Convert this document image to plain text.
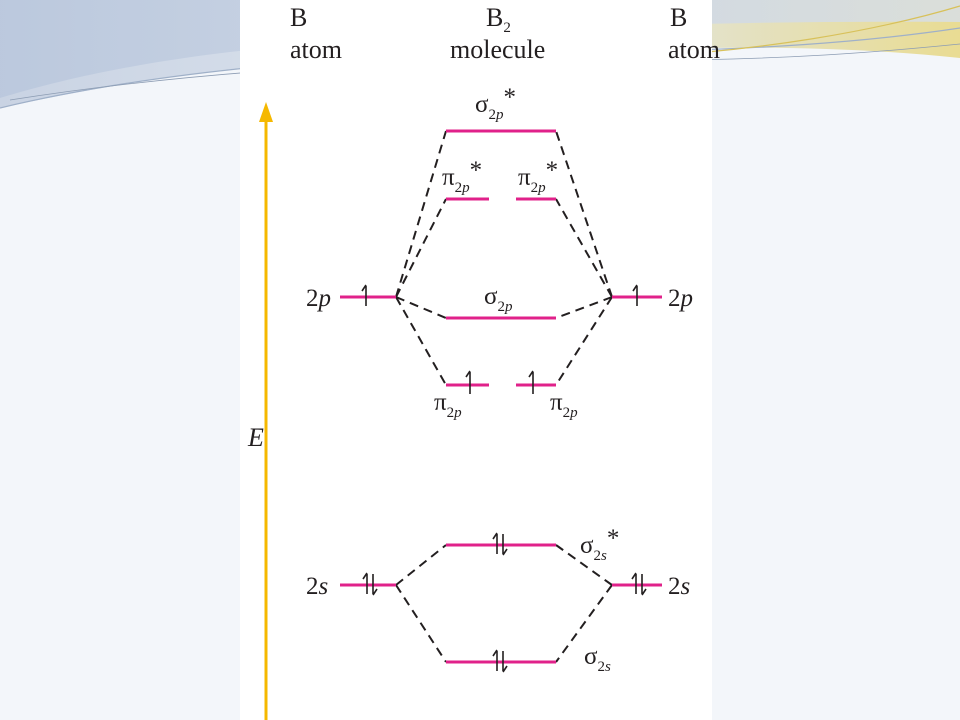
E
B
atom
$B_2$
molecule
B
atom
2p	2p
2s	2s
$\sigma_2p*$
$\pi_2p*$ $\pi_2p*$
$\sigma_2p$
$\pi_2p$	$\pi_2p$
$\sigma_2s*$
$\sigma_2s$
